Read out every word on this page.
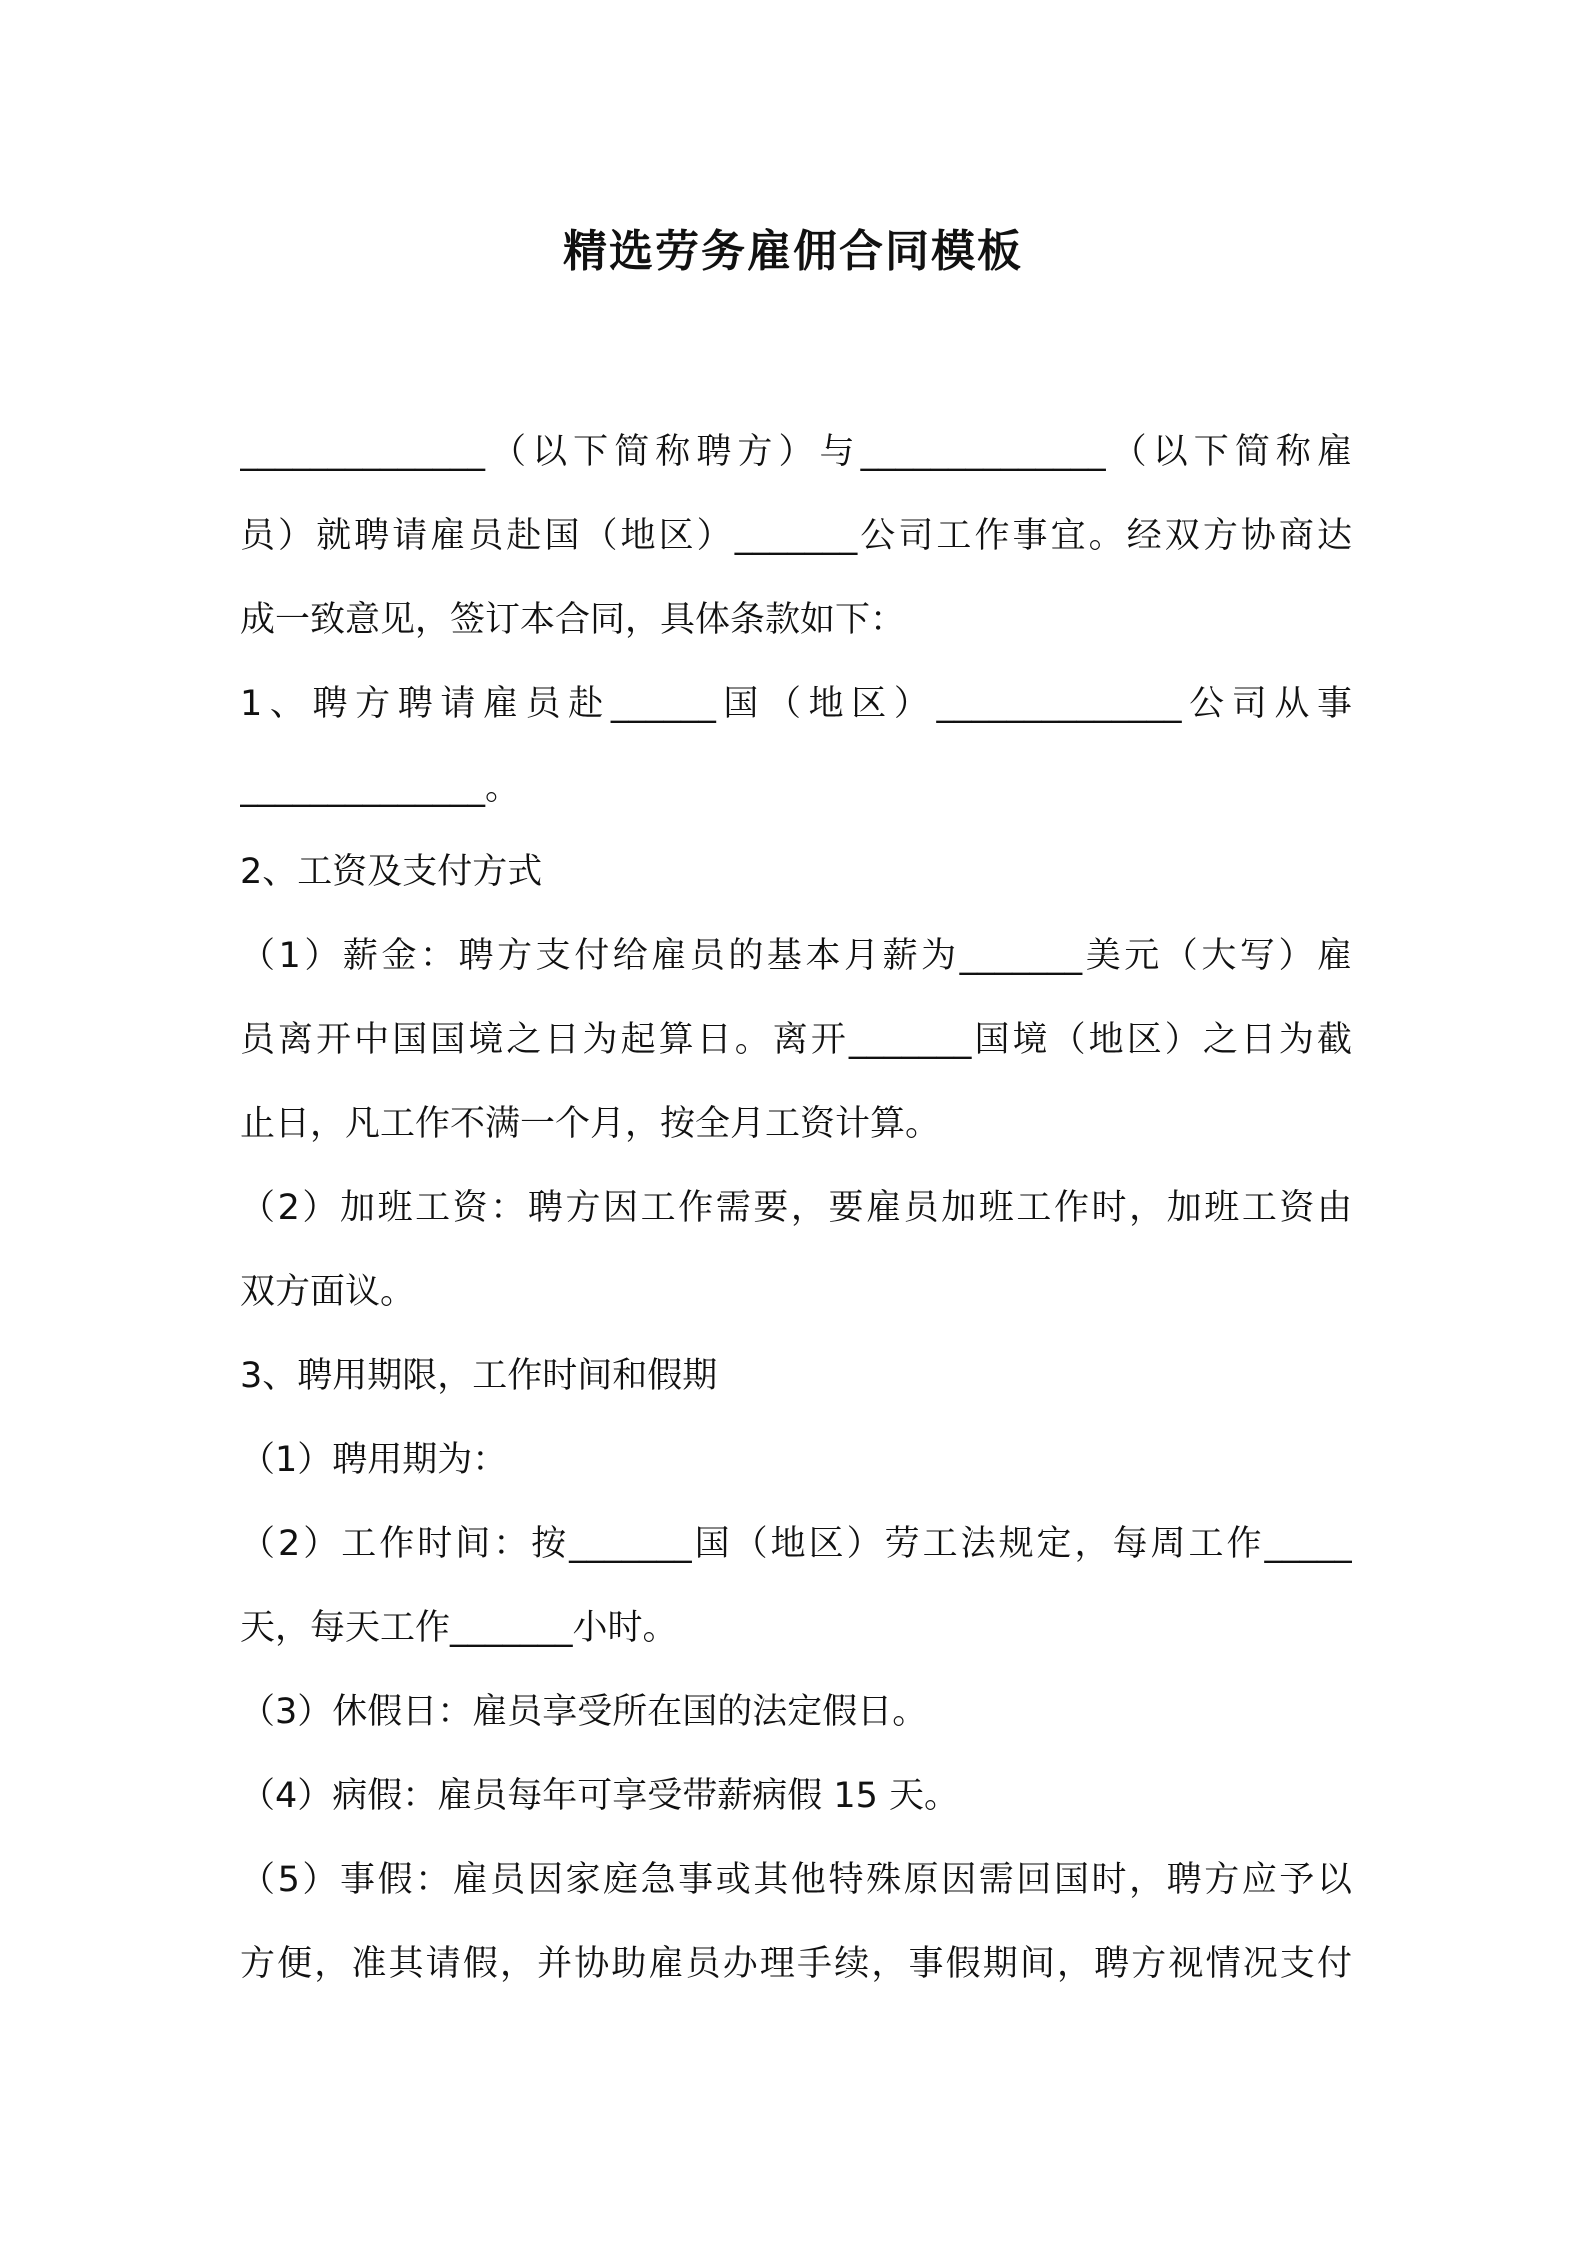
精选劳务雇佣合同模板
______________（以下简称聘方）与______________（以下简称雇
员）就聘请雇员赴国（地区）_______公司工作事宜。经双方协商达
成一致意见，签订本合同，具体条款如下：
1、聘方聘请雇员赴______国（地区）______________公司从事
______________。
2、工资及支付方式
（1）薪金：聘方支付给雇员的基本月薪为_______美元（大写）雇
员离开中国国境之日为起算日。离开_______国境（地区）之日为截
止日，凡工作不满一个月，按全月工资计算。
（2）加班工资：聘方因工作需要，要雇员加班工作时，加班工资由
双方面议。
3、聘用期限，工作时间和假期
（1）聘用期为：
（2）工作时间：按_______国（地区）劳工法规定，每周工作_____
天，每天工作_______小时。
（3）休假日：雇员享受所在国的法定假日。
（4）病假：雇员每年可享受带薪病假 15 天。
（5）事假：雇员因家庭急事或其他特殊原因需回国时，聘方应予以
方便，准其请假，并协助雇员办理手续，事假期间，聘方视情况支付
